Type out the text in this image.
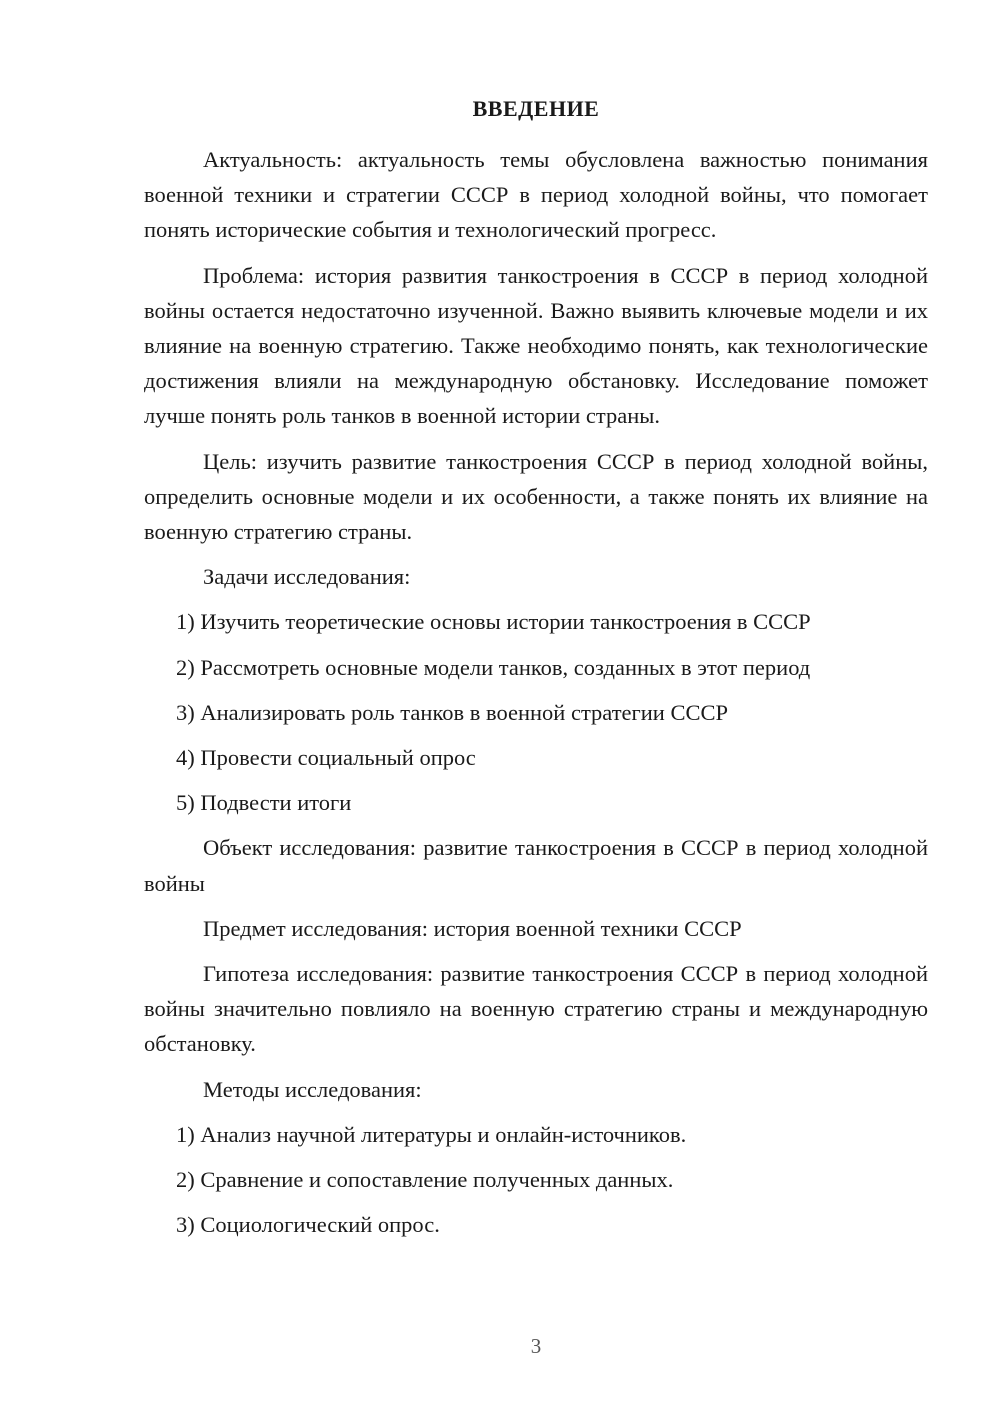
ВВЕДЕНИЕ

Актуальность: актуальность темы обусловлена важностью понимания военной техники и стратегии СССР в период холодной войны, что помогает понять исторические события и технологический прогресс.

Проблема: история развития танкостроения в СССР в период холодной войны остается недостаточно изученной. Важно выявить ключевые модели и их влияние на военную стратегию. Также необходимо понять, как технологические достижения влияли на международную обстановку. Исследование поможет лучше понять роль танков в военной истории страны.

Цель: изучить развитие танкостроения СССР в период холодной войны, определить основные модели и их особенности, а также понять их влияние на военную стратегию страны.

Задачи исследования:

1) Изучить теоретические основы истории танкостроения в СССР

2) Рассмотреть основные модели танков, созданных в этот период

3) Анализировать роль танков в военной стратегии СССР

4) Провести социальный опрос

5) Подвести итоги

Объект исследования: развитие танкостроения в СССР в период холодной войны

Предмет исследования: история военной техники СССР

Гипотеза исследования: развитие танкостроения СССР в период холодной войны значительно повлияло на военную стратегию страны и международную обстановку.

Методы исследования:

1) Анализ научной литературы и онлайн-источников.

2) Сравнение и сопоставление полученных данных.

3) Социологический опрос.

3
